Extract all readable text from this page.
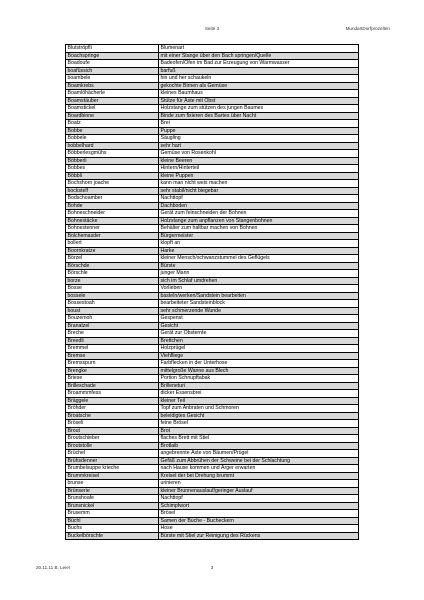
Seite 3	MundartDorfprozelten
Blutströpfli	Blumenart
Boachspringe	mit einer Stange über den Bach springen/Quelle
Boadoufe	Badeofen/Ofen im Bad zur Erzeugung von Warmwasser
boafüssich	barfuß
boambele	hin und her schaukeln
Boamkrebs	gekochte Birnen als Gemüse
Boamlöhächerle	kleines Baumhaus
Boamstäuber	Stütze für Äste mit Obst
Boamstickel	Holzstange zum stützen des jungen Baumes
Boardbinne	Binde zum fixieren des Bartes über Nacht
Boatz	Brei
Bobbe	Puppe
Bobbele	Säugling
bobbelhard	sehr hart
Böbberlesgmühs	Gemüse von Rosenkohl
Böbberli	kleine Beeren
Bobbes	Hintern/Hinterteil
Böbbli	kleine Puppen
Bochshorn joache	kann man nicht weis machen
bockstelf	sehr stabil/nicht biegebar
Bodschoamber	Nachttopf
Bohde	Dachboden
Bohneschneider	Gerät zum feinschneiden der Bohnen
Bohnestäcke	Holzstange zum anpflanzen von Stangenbohnen
Bohnestenner	Behälter zum haltbar machen von Bohnen
Bolchemasder	Bürgermeister
bollert	klopft an
Boornkratze	Harke
Börzel	kleiner Mensch/schwanzstummel des Geflügels
Börschde	Bürste
Börschle	junger Mann
borze	sich im Schlaf umdrehen
Bosse	Vorlieben
bossele	basteln/werken/Sandstein bearbeiten
Bossestoah	bearbeiteter Sandsteinblock
boust	sehr schmerzende Wunde
Bouzemoh	Gespenst
Branatzel	Gesicht
Breche	Gerät zur Obsternte
Breedli	Brettchen
Bremmel	Holzprügel
Bremse	Viehfliege
Bremsspurn	Farbflecken in der Unterhose
Brengke	mittelgroße Wanne aus Blech
Briese	Portion Schnupftabak
Brilleschade	Brilleneturi
Broammmfess	dicker Essensbrei
Bräggele	kleiner Teil
Bröhder	Topf zum Anbraten und Schmoren
Broatsche	beleidigtes Gesicht
Bröseli	feine Brösel
Brout	Brot
Broutschieber	flaches Brett mit Stiel
Broutstolle	Brotlaib
Brüchel	angebrennte Äste von Bäumen/Prügel
Brühsdenner	Gefäß zum Abbrühen der Schweine bei der Schlachtung
Brumbelsuppe krieche	nach Hause kommen und Ärger erwarten
Brummkreisel	Kreisel der bei Drehung brummt
brunse	urinieren
Brünserie	kleiner Brunnenauslauf/geringer Auslauf
Brunshoafe	Nachttopf
Brunsnickel	Schimpfwort
Brusemm	Brösel
Büchl	Samen der Buche - Bucheckern
Buchs	Hose
Buckelbörschte	Bürste mit Stiel zur Reinigung des Rückens
20.11.11 B. Leier	3
